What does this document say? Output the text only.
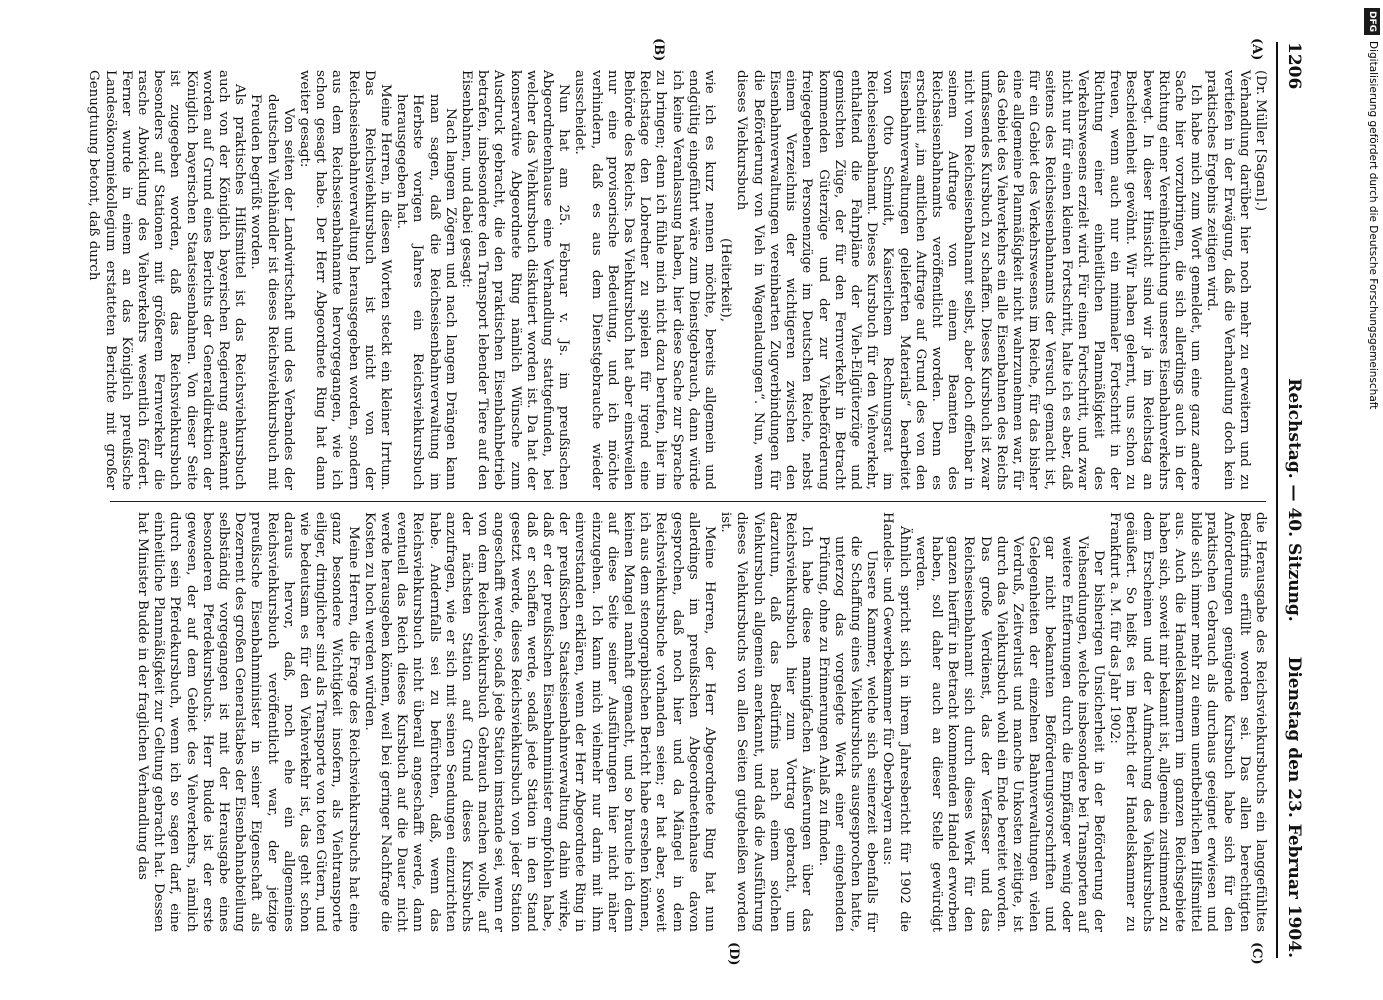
1206
Reichstag. — 40. Sitzung.
Dienstag den 23. Februar 1904.
(A)
(B)
(C)
(D)

(Dr. Müller [Sagan].)

Verhandlung darüber hier noch mehr zu erweitern und zu vertiefen in der Erwägung, daß die Verhandlung doch kein praktisches Ergebnis zeitigen wird.

Ich habe mich zum Wort gemeldet, um eine ganz andere Sache hier vorzubringen, die sich allerdings auch in der Richtung einer Vereinheitlichung unseres Eisenbahnverkehrs bewegt. In dieser Hinsicht sind wir ja im Reichstag an Bescheidenheit gewöhnt. Wir haben gelernt, uns schon zu freuen, wenn auch nur ein minimaler Fortschritt in der Richtung einer einheitlichen Planmäßigkeit des Verkehrswesens erzielt wird. Für einen Fortschritt, und zwar nicht nur für einen kleinen Fortschritt, halte ich es aber, daß seitens des Reichseisenbahnamts der Versuch gemacht ist, für ein Gebiet des Verkehrswesens im Reiche, für das bisher eine allgemeine Planmäßigkeit nicht wahrzunehmen war, für das Gebiet des Viehverkehrs ein alle Eisenbahnen des Reichs umfassendes Kursbuch zu schaffen. Dieses Kursbuch ist zwar nicht vom Reichseisenbahnamt selbst, aber doch offenbar in seinem Auftrage von einem Beamten des Reichseisenbahnamts veröffentlicht worden. Denn es erscheint „im amtlichen Auftrage auf Grund des von den Eisenbahnverwaltungen gelieferten Materials“ bearbeitet von Otto Schmidt, Kaiserlichem Rechnungsrat im Reichseisenbahnamt. Dieses Kursbuch für den Viehverkehr, enthaltend die Fahrpläne der Vieh-Eilgüterzüge und gemischten Züge, der für den Fernverkehr in Betracht kommenden Güterzüge und der zur Viehbeförderung freigegebenen Personenzüge im Deutschen Reiche, nebst einem Verzeichnis der wichtigeren zwischen den Eisenbahnverwaltungen vereinbarten Zugverbindungen für die Beförderung von Vieh in Wagenladungen“. Nun, wenn dieses Viehkursbuch

(Heiterkeit),

wie ich es kurz nennen möchte, bereits allgemein und endgültig eingeführt wäre zum Dienstgebrauch, dann würde ich keine Veranlassung haben, hier diese Sache zur Sprache zu bringen; denn ich fühle mich nicht dazu berufen, hier im Reichstage den Lobredner zu spielen für irgend eine Behörde des Reichs. Das Viehkursbuch hat aber einstweilen nur eine provisorische Bedeutung, und ich möchte verhindern, daß es aus dem Dienstgebrauche wieder ausscheidet.

Nun hat am 25. Februar v. Js. im preußischen Abgeordnetenhause eine Verhandlung stattgefunden, bei welcher das Viehkursbuch diskutiert worden ist. Da hat der konservative Abgeordnete Ring nämlich Wünsche zum Ausdruck gebracht, die den praktischen Eisenbahnbetrieb betrafen, insbesondere den Transport lebender Tiere auf den Eisenbahnen, und dabei gesagt:

Nach langem Zögern und nach langem Drängen kann man sagen, daß die Reichseisenbahnverwaltung im Herbste vorigen Jahres ein Reichsviehkursbuch herausgegeben hat.

Meine Herren, in diesen Worten steckt ein kleiner Irrtum. Das Reichsviehkursbuch ist nicht von der Reichseisenbahnverwaltung herausgegeben worden, sondern aus dem Reichseisenbahnamte hervorgegangen, wie ich schon gesagt habe. Der Herr Abgeordnete Ring hat dann weiter gesagt:

Von seiten der Landwirtschaft und des Verbandes der deutschen Viehhändler ist dieses Reichsviehkursbuch mit Freuden begrüßt worden.

Als praktisches Hilfsmittel ist das Reichsviehkursbuch auch von der Königlich bayerischen Regierung anerkannt worden auf Grund eines Berichts der Generaldirektion der Königlich bayerischen Staatseisenbahnen. Von dieser Seite ist zugegeben worden, daß das Reichsviehkursbuch besonders auf Stationen mit größerem Fernverkehr die rasche Abwicklung des Viehverkehrs wesentlich fördert. Ferner wurde in einem an das Königlich preußische Landesökonomiekollegium erstatteten Berichte mit großer Genugtuung betont, daß durch

die Herausgabe des Reichsviehkursbuchs ein langgefühltes Bedürfnis erfüllt worden sei. Das allen berechtigten Anforderungen genügende Kursbuch habe sich für den praktischen Gebrauch als durchaus geeignet erwiesen und bilde sich immer mehr zu einem unentbehrlichen Hilfsmittel aus. Auch die Handelskammern im ganzen Reichsgebiete haben sich, soweit mir bekannt ist, allgemein zustimmend zu dem Erscheinen und der Aufmachung des Viehkursbuchs geäußert. So heißt es im Bericht der Handelskammer zu Frankfurt a. M. für das Jahr 1902:

Der bisherigen Unsicherheit in der Beförderung der Viehsendungen, welche insbesondere bei Transporten auf weitere Entfernungen durch die Empfänger wenig oder gar nicht bekannten Beförderungsvorschriften und Gelegenheiten der einzelnen Bahnverwaltungen vielen Verdruß, Zeitverlust und manche Unkosten zeitigte, ist durch das Viehkursbuch wohl ein Ende bereitet worden. Das große Verdienst, das der Verfasser und das Reichseisenbahnamt sich durch dieses Werk für den ganzen hierfür in Betracht kommenden Handel erworben haben, soll daher auch an dieser Stelle gewürdigt werden.

Ähnlich spricht sich in ihrem Jahresbericht für 1902 die Handels- und Gewerbekammer für Oberbayern aus:

Unsere Kammer, welche sich seinerzeit ebenfalls für die Schaffung eines Viehkursbuchs ausgesprochen hatte, unterzog das vorgelegte Werk einer eingehenden Prüfung, ohne zu Erinnerungen Anlaß zu finden.

Ich habe diese mannigfachen Äußerungen über das Reichsviehkursbuch hier zum Vortrag gebracht, um darzutun, daß das Bedürfnis nach einem solchen Viehkursbuch allgemein anerkannt, und daß die Ausführung dieses Viehkursbuchs von allen Seiten gutgeheißen worden ist.

Meine Herren, der Herr Abgeordnete Ring hat nun allerdings im preußischen Abgeordnetenhause davon gesprochen, daß noch hier und da Mängel in dem Reichsviehkursbuche vorhanden seien; er hat aber, soweit ich aus dem stenographischen Bericht habe ersehen können, keinen Mangel namhaft gemacht, und so brauche ich denn auf diese Seite seiner Ausführungen hier nicht näher einzugehen. Ich kann mich vielmehr nur darin mit ihm einverstanden erklären, wenn der Herr Abgeordnete Ring in der preußischen Staatseisenbahnverwaltung dahin wirke, daß er der preußischen Eisenbahnminister empfohlen habe, daß er schaffen werde, sodaß jede Station in den Stand gesetzt werde, dieses Reichsviehkursbuch von jeder Station angeschafft werde, sodaß jede Station imstande sei, wenn er von dem Reichsviehkursbuch Gebrauch machen wolle, auf der nächsten Station auf Grund dieses Kursbuchs anzufragen, wie er sich mit seinen Sendungen einzurichten habe. Andernfalls sei zu befürchten, daß, wenn das Reichsviehkursbuch nicht überall angeschafft werde, dann eventuell das Reich dieses Kursbuch auf die Dauer nicht werde herausgeben können, weil bei geringer Nachfrage die Kosten zu hoch werden würden.

Meine Herren, die Frage des Reichsviehkursbuchs hat eine ganz besondere Wichtigkeit insofern, als Viehtransporte eiliger, dringlicher sind als Transporte von toten Gütern, und wie bedeutsam es für den Viehverkehr ist, das geht schon daraus hervor, daß, noch ehe ein allgemeines Reichsviehkursbuch veröffentlicht war, der jetzige preußische Eisenbahnminister in seiner Eigenschaft als Dezernent des großen Generalstabes der Eisenbahnabteilung selbständig vorgegangen ist mit der Herausgabe eines besonderen Pferdekursbuchs. Herr Budde ist der erste gewesen, der auf dem Gebiet des Viehverkehrs, nämlich durch sein Pferdekursbuch, wenn ich so sagen darf, eine einheitliche Planmäßigkeit zur Geltung gebracht hat. Dessen hat Minister Budde in der fraglichen Verhandlung das

DFGDigitalisierung gefördert durch die Deutsche Forschungsgemeinschaft
